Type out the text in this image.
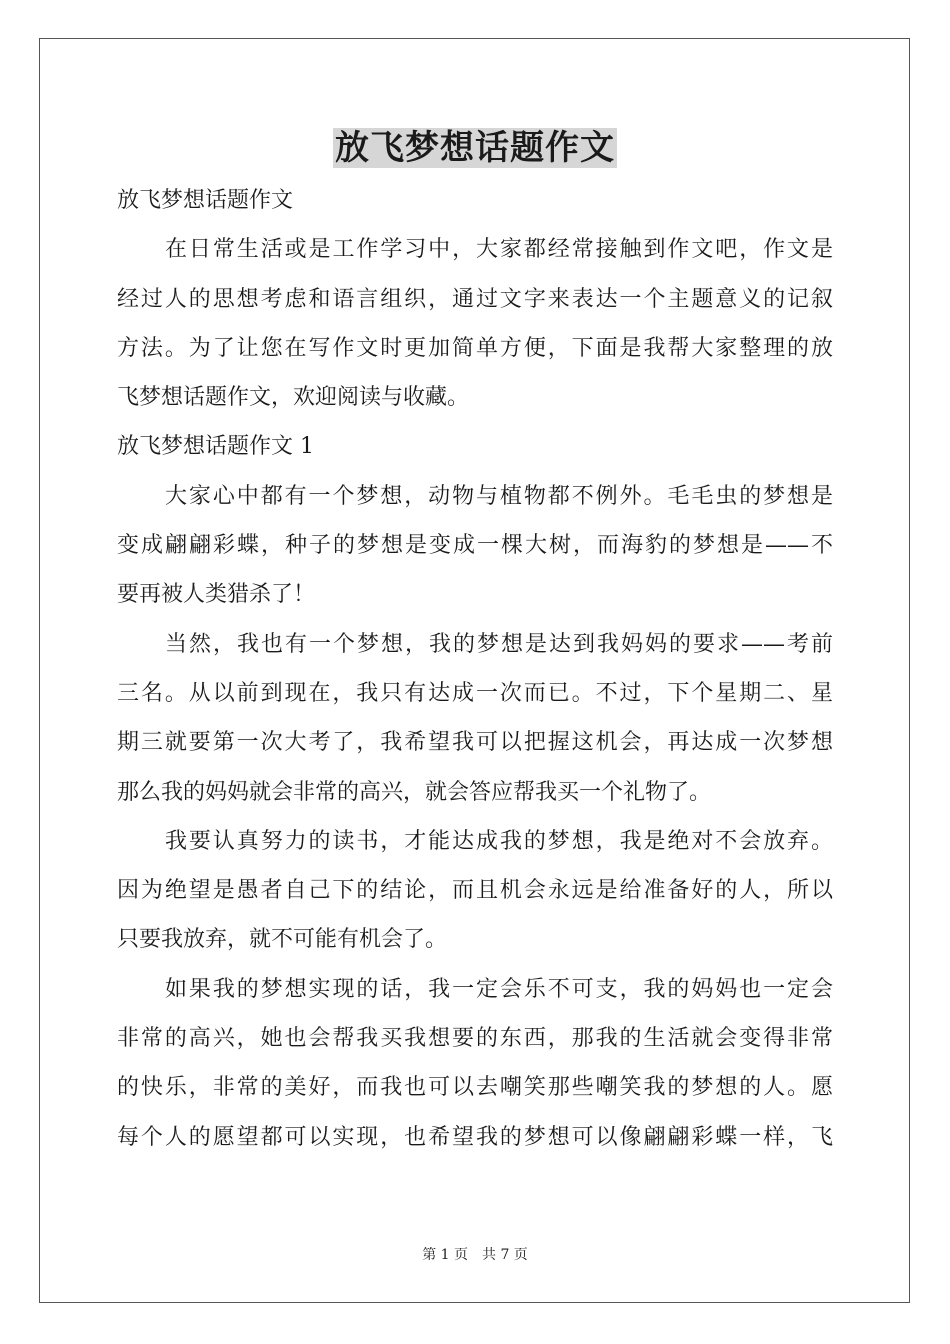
放飞梦想话题作文
放飞梦想话题作文
在日常生活或是工作学习中，大家都经常接触到作文吧，作文是
经过人的思想考虑和语言组织，通过文字来表达一个主题意义的记叙
方法。为了让您在写作文时更加简单方便，下面是我帮大家整理的放
飞梦想话题作文，欢迎阅读与收藏。
放飞梦想话题作文 1
大家心中都有一个梦想，动物与植物都不例外。毛毛虫的梦想是
变成翩翩彩蝶，种子的梦想是变成一棵大树，而海豹的梦想是——不
要再被人类猎杀了！
当然，我也有一个梦想，我的梦想是达到我妈妈的要求——考前
三名。从以前到现在，我只有达成一次而已。不过，下个星期二、星
期三就要第一次大考了，我希望我可以把握这机会，再达成一次梦想
那么我的妈妈就会非常的高兴，就会答应帮我买一个礼物了。
我要认真努力的读书，才能达成我的梦想，我是绝对不会放弃。
因为绝望是愚者自己下的结论，而且机会永远是给准备好的人，所以
只要我放弃，就不可能有机会了。
如果我的梦想实现的话，我一定会乐不可支，我的妈妈也一定会
非常的高兴，她也会帮我买我想要的东西，那我的生活就会变得非常
的快乐，非常的美好，而我也可以去嘲笑那些嘲笑我的梦想的人。愿
每个人的愿望都可以实现，也希望我的梦想可以像翩翩彩蝶一样，飞
第 1 页 共 7 页
